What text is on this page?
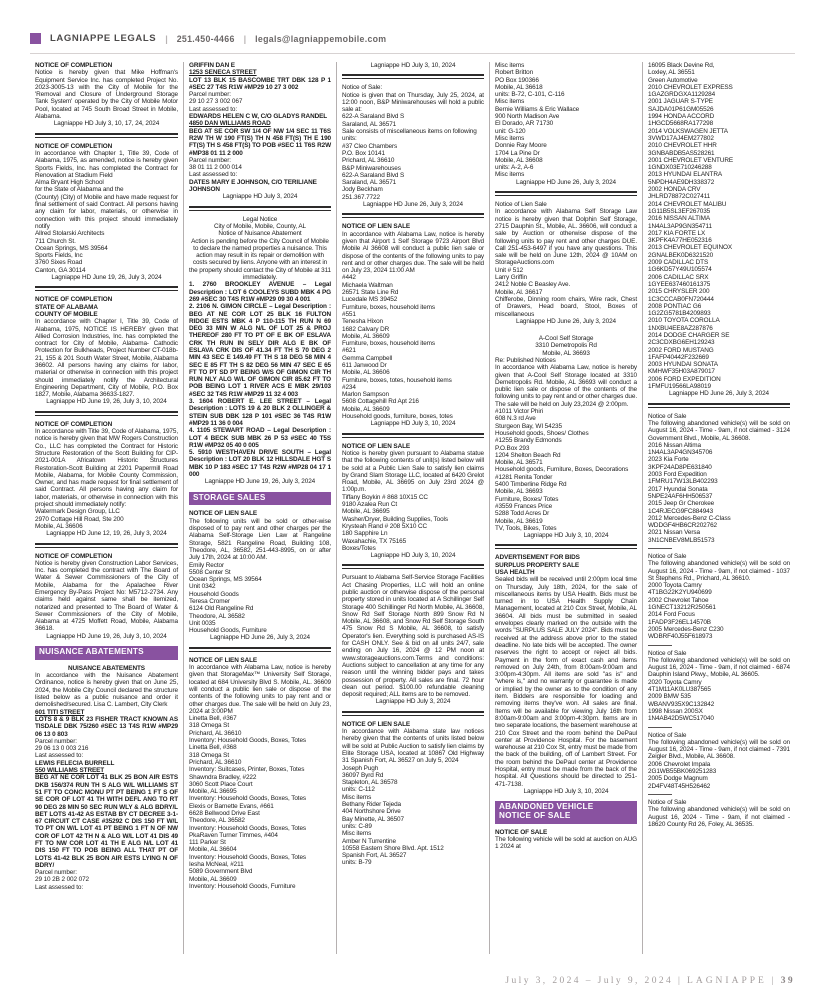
LAGNIAPPE LEGALS | 251.450-4466 | legals@lagniappemobile.com
NOTICE OF COMPLETION
Notice is hereby given that Mike Hoffman's Equipment Service Inc. has completed Project No. 2023-3005-13 with the City of Mobile for the 'Removal and Closure of Underground Storage Tank System' operated by the City of Mobile Motor Pool, located at 745 South Broad Street in Mobile, Alabama.
Lagniappe HD July 3, 10, 17, 24, 2024
NOTICE OF COMPLETION
In accordance with Chapter 1, Title 39, Code of Alabama, 1975, as amended, notice is hereby given Sports Fields, Inc. has completed the Contract for Renovation at Stadium Field
Alma Bryant High School
for the State of Alabama and the
(County) (City) of Mobile and have made request for final settlement of said Contract. All persons having any claim for labor, materials, or otherwise in connection with this project should immediately notify
Allred Stolarski Architects
711 Church St.
Ocean Springs, MS 39564
Sports Fields, Inc
3760 Sixes Road
Canton, GA 30114
Lagniappe HD June 19, 26, July 3, 2024
NOTICE OF COMPLETION
STATE OF ALABAMA
COUNTY OF MOBILE
In accordance with Chapter I, Title 39, Code of Alabama, 1975, NOTICE IS HEREBY given that Allied Corrosion Industries, Inc. has completed the contract for City of Mobile, Alabama- Cathodic Protection for Bulkheads, Project Number CT-018b-21, 155 & 201 South Water Street, Mobile, Alabama 36602. All persons having any claims for labor, material or otherwise in connection with this project should immediately notify the Architectural Engineering Department, City of Mobile, P.O. Box 1827, Mobile, Alabama 36633-1827.
Lagniappe HD June 19, 26, July 3, 10, 2024
NOTICE OF COMPLETION
In accordance with Title 39, Code of Alabama, 1975, notice is hereby given that MW Rogers Construction Co., LLC has completed the Contract for Historic Structure Restoration of the Scott Building for CIP-2021-001A Africatown Historic Structures Restoration-Scott Building at 2201 Papermill Road Mobile, Alabama, for Mobile County Commission, Owner, and has made request for final settlement of said Contract. All persons having any claim for labor, materials, or otherwise in connection with this project should immediately notify:
Watermark Design Group, LLC
2970 Cottage Hill Road, Ste 200
Mobile, AL 36606
Lagniappe HD June 12, 19, 26, July 3, 2024
NOTICE OF COMPLETION
Notice is hereby given Construction Labor Services, Inc. has completed the contract with The Board of Water & Sewer Commissioners of the City of Mobile, Alabama for the Apalachee River Emergency By-Pass Project No: M5712-2734. Any claims held against same shall be itemized, notarized and presented to The Board of Water & Sewer Commissioners of the City of Mobile, Alabama at 4725 Moffett Road, Mobile, Alabama 36618.
Lagniappe HD June 19, 26, July 3, 10, 2024
NUISANCE ABATEMENTS
NUISANCE ABATEMENTS
In accordance with the Nuisance Abatement Ordinance, notice is hereby given that on June 25, 2024, the Mobile City Council declared the structure listed below as a public nuisance and order it demolished/secured. Lisa C. Lambert, City Clerk
601 TITI STREET
LOTS 8 & 9 BLK 23 FISHER TRACT KNOWN AS TISDALE DBK 75/260 #SEC 13 T4S R1W #MP29 06 13 0 803
Parcel number:
29 06 13 0 003 216
Last assessed to:
LEWIS FELECIA BURRELL
550 WILLIAMS STREET
BEG AT NE COR LOT 41 BLK 25 BON AIR ESTS DKB 156/374 RUN TH S ALG W/L WILLIAMS ST 51 FT TO CONC MONU PT PT BEING 1 FT S OF SE COR OF LOT 41 TH WITH DEFL ANG TO RT 90 DEG 28 MIN 50 SEC RUN WLY & ALG BDRY/L BET LOTS 41-42 AS ESTAB BY CT DECREE 3-1-67 CIRCUIT CT CASE #35292 C DIS 150 FT W/L TO PT ON W/L LOT 41 PT BEING 1 FT N OF NW COR OF LOT 42 TH N & ALG W/L LOT 41 DIS 49 FT TO NW COR LOT 41 TH E ALG N/L LOT 41 DIS 150 FT TO POB BEING ALL THAT PT OF LOTS 41-42 BLK 25 BON AIR ESTS LYING N OF BDRY/
Parcel number:
29 10 2B 2 002 072
Last assessed to:
GRIFFIN DAN E
1253 SENECA STREET
LOT 13 BLK 15 BASCOMBE TRT DBK 128 P 1 #SEC 27 T4S R1W #MP29 10 27 3 002
Parcel number:
29 10 27 3 002 067
Last assessed to:
EDWARDS HELEN C W, C/O GLADYS RANDEL
4850 DAN WILLIAMS ROAD
BEG AT SE COR SW 1/4 OF NW 1/4 SEC 11 T6S R2W TH W 190 FT(S) TH N 458 FT(S) TH E 190 FT(S) TH S 458 FT(S) TO POB #SEC 11 T6S R2W #MP38 01 11 2 000
Parcel number:
38 01 11 2 000 014
Last assessed to:
DATES MARY E JOHNSON, C/O TERILIANE JOHNSON
Lagniappe HD July 3, 2024
Legal Notice
City of Mobile, Mobile, County, AL
Notice of Nuisance Abatement
Action is pending before the City Council of Mobile to declare the named properties a nuisance. This action may result in its repair or demolition with costs secured by liens. Anyone with an interest in the property should contact the City of Mobile at 311 immediately.
1. 2760 BROOKLEY AVENUE – Legal Description : LOT 6 COOLEYS SUBD MBK 4 PG 269 #SEC 30 T4S R1W #MP29 09 30 4 001
2. 2106 N. GIMON CIRCLE – Legal Description : BEG AT NE COR LOT 25 BLK 16 FULTON RIDGE ESTS MBK 4 P 110-115 TH RUN N 69 DEG 33 MIN W ALG N/L OF LOT 25 & PROJ THEREOF 280 FT TO PT OF E BK OF ESLAVA CRK TH RUN IN SELY DIR ALG E BK OF ESLAVA CRK DIS OF 41.34 FT TH S 70 DEG 2 MIN 43 SEC E 149.49 FT TH S 18 DEG 58 MIN 4 SEC E 85 FT TH S 82 DEG 56 MIN 47 SEC E 65 FT TO PT SD PT BEING W/S OF GIMON CIR TH RUN NLY ALG W/L OF GIMON CIR 85.62 FT TO POB BEING LOT 1 RIVER ACS E MBK 29/103 #SEC 32 T4S R1W #MP29 11 32 4 003
3. 1604 ROBERT E. LEE STREET – Legal Description : LOTS 19 & 20 BLK 2 OLLINGER & STEIN SUB DBK 128 P 101 #SEC 36 T4S R1W #MP29 11 36 0 004
4. 1105 STEWART ROAD – Legal Description : LOT 4 BECK SUB MBK 26 P 53 #SEC 40 T5S R1W #MP32 05 40 0 005
5. 5910 WESTHAVEN DRIVE SOUTH – Legal Description : LOT 20 BLK 12 HILLSDALE HGT S MBK 10 P 183 #SEC 17 T4S R2W #MP28 04 17 1 000
Lagniappe HD June 19, 26, July 3, 2024
STORAGE SALES
NOTICE OF LIEN SALE
The following units will be sold or other-wise disposed of to pay rent and other charges per the Alabama Self-Storage Lien Law at Rangeline Storage, 5821 Rangeline Road, Building 108, Theodore, AL, 36582, 251-443-8995, on or after July 17th, 2024 at 10:00 AM.
Emily Rector
5508 Center St
Ocean Springs, MS 39564
Unit 0342
Household Goods
Teresa Cromer
6124 Old Rangeline Rd
Theodore, AL 36582
Unit 0035
Household Goods, Furniture
Lagniappe HD June 26, July 3, 2024
NOTICE OF LIEN SALE
In accordance with Alabama Law, notice is hereby given that StorageMax™ University Self Storage, located at 684 University Blvd S. Mobile, AL. 36609 will conduct a public lien sale or dispose of the contents of the following units to pay rent and or other charges due. The sale will be held on July 23, 2024 at 3:00PM
Linetta Bell, #367
318 Omega St
Prichard, AL 36610
Inventory: Household Goods, Boxes, Totes
Linetta Bell, #368
318 Omega St
Prichard, AL 36610
Inventory: Suitcases, Printer, Boxes, Totes
Shawndra Bradley, #222
3060 Scott Place Court
Mobile, AL 36695
Inventory: Household Goods, Boxes, Totes
Elexis or Barnette Evans, #661
6628 Bellwood Drive East
Theodore, AL 36582
Inventory: Household Goods, Boxes, Totes
PkaRaven Turner Timmes, #404
111 Parker St
Mobile, AL 36604
Inventory: Household Goods, Boxes, Totes
Iesha McNeal, #211
5089 Government Blvd
Mobile, AL 36609
Inventory: Household Goods, Furniture
Lagniappe HD July 3, 10, 2024
Notice of Sale:
Notice is given that on Thursday, July 25, 2024, at 12:00 noon, B&P Miniwarehouses will hold a public sale at:
622-A Saraland Blvd S
Saraland, AL 36571
Sale consists of miscellaneous items on following units:
#37 Cleo Chambers
P.O. Box 10141
Prichard, AL 36610
B&P Miniwarehouses
622-A Saraland Blvd S
Saraland, AL 36571
Jody Beckham
251.367.7722
Lagniappe HD June 26, July 3, 2024
NOTICE OF LIEN SALE
In accordance with Alabama Law, notice is hereby given that Airport 1 Self Storage 9723 Airport Blvd Mobile Al 36608 will conduct a public lien sale or dispose of the contents of the following units to pay rent and or other charges due. The sale will be held on July 23, 2024 11:00 AM
#442
Michaela Waltman
26571 State Line Rd
Lucedale MS 39452
Furniture, boxes, household items
#551
Tenesha Hixon
1682 Calvary DR
Mobile, AL 36609
Furniture, boxes, household items
#621
Gemma Campbell
611 Janwood Dr
Mobile, AL 36606
Furniture, boxes, totes, household items
#234
Marlon Sampson
5608 Cottagehill Rd Apt 216
Mobile, AL 36609
Household goods, furniture, boxes, totes
Lagniappe HD July 3, 10, 2024
NOTICE OF LIEN SALE
Notice is hereby given pursuant to Alabama statue that the following contents of unit(s) listed below will be sold at a Public Lien Sale to satisfy lien claims by Grand Slam Storage LLC, located at 6420 Grelot Road, Mobile, AL 36695 on July 23rd 2024 @ 1:00p.m.
Tiffany Boykin # 868 10X15 CC
9180 Azalea Run Ct
Mobile, AL 36695
Washer/Dryer, Building Supplies, Tools
Krysteah Rand # 208 5X10 CC
180 Sapphire Ln
Waxahachie, TX 75165
Boxes/Totes
Lagniappe HD July 3, 10, 2024
Pursuant to Alabama Self-Service Storage Facilities Act Chasing Properties, LLC will hold an online public auction or otherwise dispose of the personal property stored in units located at A Schillinger Self Storage 400 Schillinger Rd North Mobile, AL 36608, Snow Rd Self Storage North 899 Snow Rd N Mobile, AL 36608, and Snow Rd Self Storage South 475 Snow Rd S Mobile, AL 36608, to satisfy Operator's lien. Everything sold is purchased AS-IS for CASH ONLY. See & bid on all units 24/7, sale ending on July 16, 2024 @ 12 PM noon at www.storageauctions.com.Terms and conditions: Auctions subject to cancellation at any time for any reason until the winning bidder pays and takes possession of property. All sales are final. 72 hour clean out period. $100.00 refundable cleaning deposit required; ALL items are to be removed.
Lagniappe HD July 3, 2024
NOTICE OF LIEN SALE
In accordance with Alabama state law notices hereby given that the contents of units listed below will be sold at Public Auction to satisfy lien claims by Elite Storage USA, located at 10867 Old Highway 31 Spanish Fort, AL 36527 on July 5, 2024
Joseph Pugh
36097 Byrd Rd
Stapleton, AL 36578
units: C-112
Misc items
Bethany Rider Tejeda
404 Northshore Drive
Bay Minette, AL 36507
units: C-89
Misc items
Amber N Turrentine
10558 Eastern Shore Blvd. Apt. 1512
Spanish Fort, AL 36527
units: B-79
Misc items
Robert Britton
PO Box 190366
Mobile, AL 36618
units: B-72, C-101, C-116
Misc items
Bernie Williams & Eric Wallace
900 North Madison Ave
El Dorado, AR 71730
unit: G-120
Misc items
Donnie Ray Moore
1704 La Pine Dr
Mobile, AL 36608
units: A-2, A-6
Misc items
Lagniappe HD June 26, July 3, 2024
Notice of Lien Sale
In accordance with Alabama Self Storage Law notice is hereby given that Dolphin Self Storage, 2715 Dauphin St., Mobile, AL. 36606, will conduct a sale by Auction or otherwise dispose of the following units to pay rent and other charges DUE. Call 251-453-6497 if you have any questions. This sale will be held on June 12th, 2024 @ 10AM on StorageAuctions.com
Unit # 512
Larry Griffin
2412 Noble C Beasley Ave.
Mobile, Al. 36617
Chifferobe, Dinning room chairs, Wire rack, Chest of Drawers, Head board, Stool, Boxes of miscellaneous
Lagniappe HD June 26, July 3, 2024
A-Cool Self Storage
3310 Demetropolis Rd
Mobile, AL 36693
Re: Published Notices
In accordance with Alabama Law, notice is hereby given that A-Cool Self Storage located at 3310 Demetropolis Rd. Mobile, AL 36693 will conduct a public lien sale or dispose of the contents of the following units to pay rent and or other charges due. The sale will be held on July 23,2024 @ 2:00pm.
#1011 Victor Phiri
608 N.3 rd Ave
Sturgeon Bay, WI 54235
Household goods, Shoes/ Clothes
#1255 Brandy Edmonds
P.O.Box 293
1204 Shelton Beach Rd
Mobile, AL 36571
Household goods, Furniture, Boxes, Decorations
#1281 Renita Tonder
5400 Timberline Ridge Rd
Mobile, AL 36693
Furniture, Boxes/ Totes
#3559 Frances Price
5288 Todd Acres Dr
Mobile, AL 36619
TV, Tools, Bikes, Totes
Lagniappe HD July 3, 10, 2024
ADVERTISEMENT FOR BIDS
SURPLUS PROPERTY SALE
USA HEALTH
Sealed bids will be received until 2:00pm local time on Thursday, July 18th, 2024, for the sale of miscellaneous items by USA Health. Bids must be turned in to USA Health Supply Chain Management, located at 210 Cox Street, Mobile, AL 36604. All bids must be submitted in sealed envelopes clearly marked on the outside with the words "SURPLUS SALE JULY 2024". Bids must be received at the address above prior to the stated deadline. No late bids will be accepted. The owner reserves the right to accept or reject all bids. Payment in the form of exact cash and items removed on July 24th, from 8:00am-9:00am and 3:00pm-4:30pm. All items are sold "as is" and "where is," and no warranty or guarantee is made or implied by the owner as to the condition of any item. Bidders are responsible for loading and removing items they've won. All sales are final. Items will be available for viewing July 16th from 8:00am-9:00am and 3:00pm-4:30pm. Items are in two separate locations, the basement warehouse at 210 Cox Street and the room behind the DePaul center at Providence Hospital. For the basement warehouse at 210 Cox St, entry must be made from the back of the building, off of Lambert Street. For the room behind the DePaul center at Providence Hospital, entry must be made from the back of the hospital. All Questions should be directed to 251-471-7138.
Lagniappe HD July 3, 10, 2024
ABANDONED VEHICLE
NOTICE OF SALE
NOTICE OF SALE
The following vehicle will be sold at auction on AUG 1 2024 at
16095 Black Devine Rd,
Loxley, AL 36551
Green Automotive
2010 CHEVROLET EXPRESS
1GAZGRDGXA1129284
2001 JAGUAR S-TYPE
SAJDA01P61GM05526
1994 HONDA ACCORD
1HGCD5668RA177298
2014 VOLKSWAGEN JETTA
3VWD17AJ4EM277802
2010 CHEVROLET HHR
3GNBABDB5AS528261
2001 CHEVROLET VENTURE
1GNDX03E710246288
2013 HYUNDAI ELANTRA
5NPDH4AE9DH338372
2002 HONDA CRV
JHLRD78872C027411
2014 CHEVROLET MALIBU
1G11B5SL3EF267035
2016 NISSAN ALTIMA
1N4AL3AP9GN354711
2017 KIA FORTE LX
3KPFK4A77HE052316
2013 CHEVROLET EQUINOX
2GNALBEK0D6321520
2009 CADILLAC DTS
1G6KD57Y49U105574
2006 CADILLAC SRX
1GYEE637460161375
2015 CHRYSLER 200
1C3CCCAB0FN720444
2008 PONTIAC G6
1G2ZG5781B4209893
2010 TOYOTA COROLLA
1NXBU4EE8AZ287876
2014 DODGE CHARGER SE
2C3CDXBG6EH129243
2002 FORD MUSTANG
1FAFP40442F232669
2003 HYUNDAI SONATA
KMHWF35H03A879017
2006 FORD EXPEDITION
1FMFU19566LA98019
Lagniappe HD June 26, July 3, 2024
Notice of Sale
The following abandoned vehicle(s) will be sold on August 16, 2024 - Time - 9am, if not claimed - 3124 Government Blvd., Mobile, AL 36608.
2016 Nissan Altima
1N4AL3AP4GN345706
2023 Kia Forte
3KPF24AD8PE631840
2003 Ford Expedition
1FMRU17W13LB402293
2017 Hyundai Sonata
5NPE24AF6HH506537
2015 Jeep Gr Cherokee
1C4RJECG9FC884943
2012 Mercedes-Benz C-Class
WDDGF4HB6CR202762
2021 Nissan Versa
3N1CNBEV8MLB51573
Notice of Sale
The following abandoned vehicle(s) will be sold on August 16, 2024 - Time - 9am, if not claimed - 1037 St Stephens Rd., Prichard, AL 36610.
2000 Toyota Camry
4T1BG22K2YU940699
2002 Chevrolet Tahoe
1GNECT13212R250561
2014 Ford Focus
1FADP3F26EL14570B
2005 Mercedes-Benz C230
WDBRF40J55F618973
Notice of Sale
The following abandoned vehicle(s) will be sold on August 16, 2024 - Time - 9am, if not claimed - 6874 Dauphin Island Pkwy., Mobile, AL 36605.
2020 Toyota Camry
4T1M11AK0LU387565
2009 BMW 535
WBANV935X9C132842
1998 Nissan 200SX
1N4AB42D5WC517040
Notice of Sale
The following abandoned vehicle(s) will be sold on August 16, 2024 - Time - 9am, if not claimed - 7391 Zeigler Blvd., Mobile, AL 36608.
2006 Chevrolet Impala
2G1WB55BK069251283
2005 Dodge Magnum
2D4FV48T45H526462
Notice of Sale
The following abandoned vehicle(s) will be sold on August 16, 2024 - Time - 9am, if not claimed - 18620 County Rd 26, Foley, AL 36535.
July 3, 2024 – July 9, 2024 | LAGNIAPPE | 39
